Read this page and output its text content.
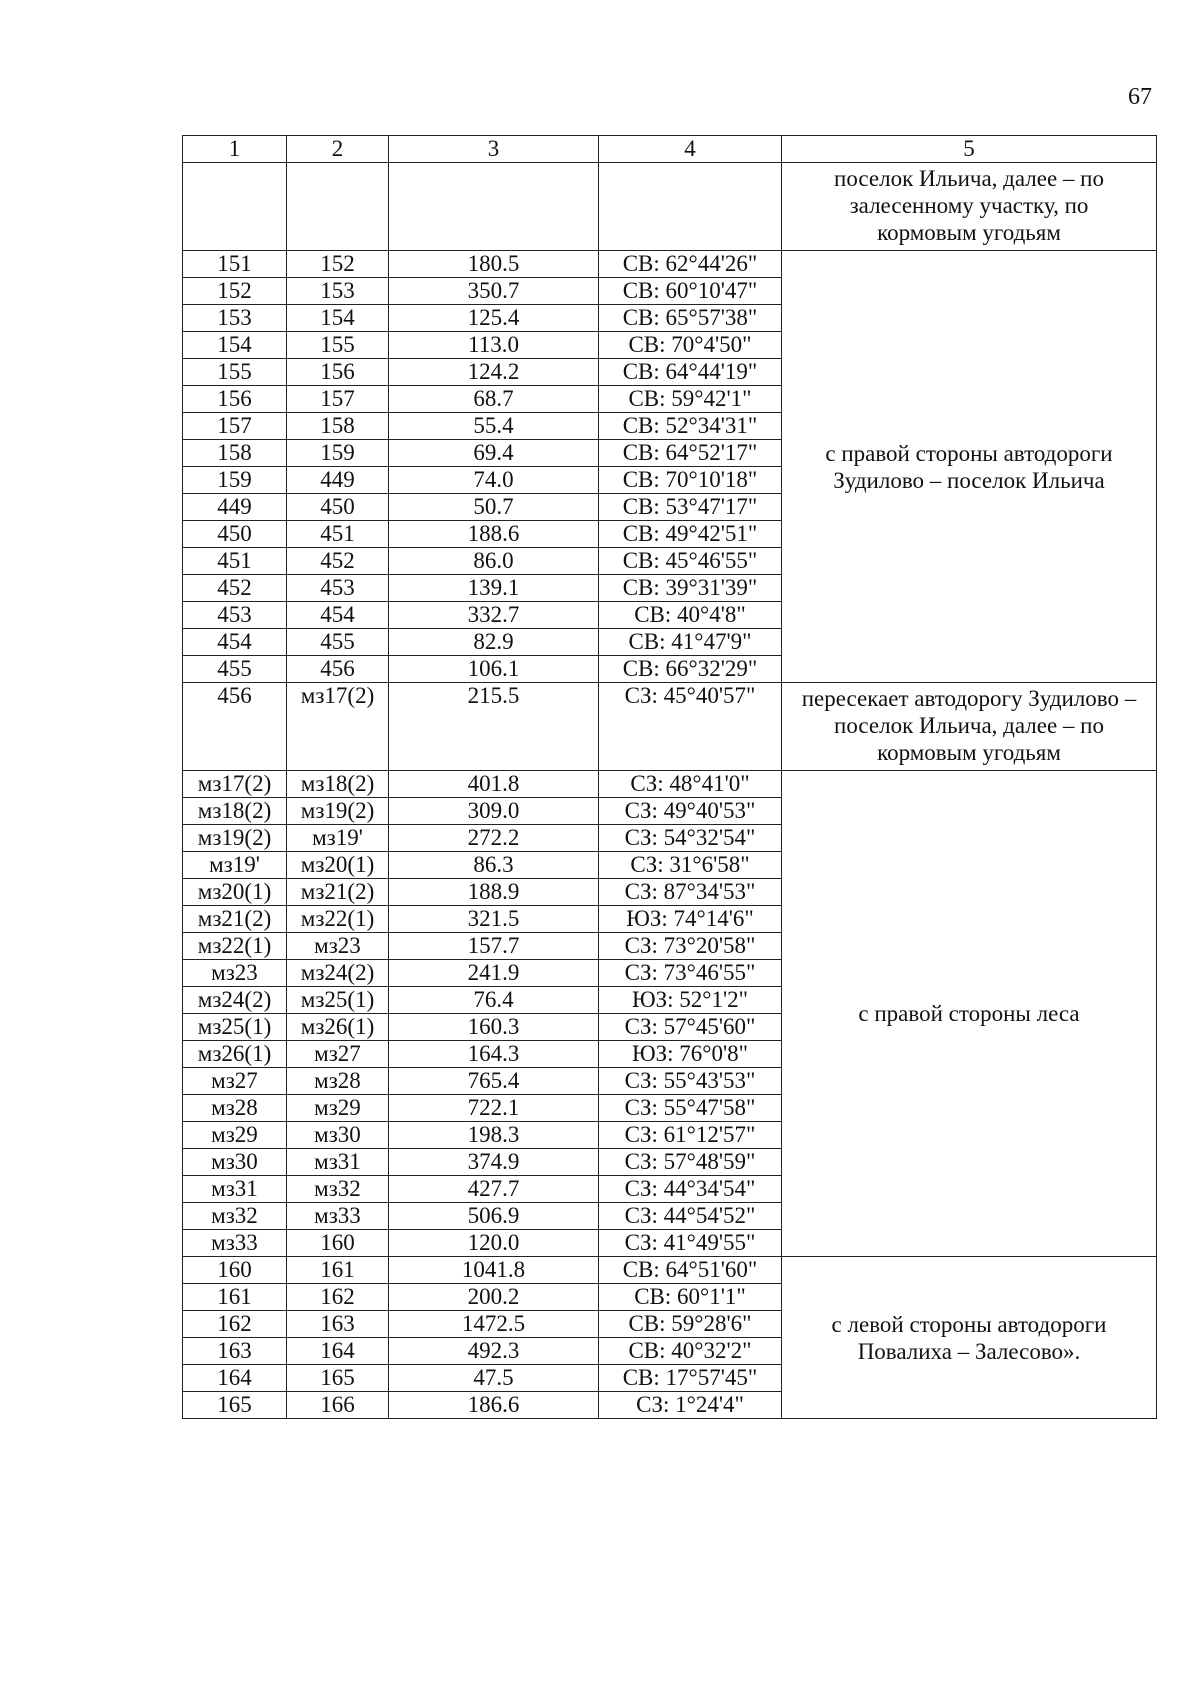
67
1	2	3	4	5

				поселок Ильича, далее – по
залесенному участку, по
кормовым угодьям

151	152	180.5	СВ: 62°44'26"	с правой стороны автодороги
Зудилово – поселок Ильича

152	153	350.7	СВ: 60°10'47"	
153	154	125.4	СВ: 65°57'38"	
154	155	113.0	СВ: 70°4'50"	
155	156	124.2	СВ: 64°44'19"	
156	157	68.7	СВ: 59°42'1"	
157	158	55.4	СВ: 52°34'31"	
158	159	69.4	СВ: 64°52'17"	
159	449	74.0	СВ: 70°10'18"	
449	450	50.7	СВ: 53°47'17"	
450	451	188.6	СВ: 49°42'51"	
451	452	86.0	СВ: 45°46'55"	
452	453	139.1	СВ: 39°31'39"	
453	454	332.7	СВ: 40°4'8"	
454	455	82.9	СВ: 41°47'9"	
455	456	106.1	СВ: 66°32'29"	
456	мз17(2)	215.5	СЗ: 45°40'57"	пересекает автодорогу Зудилово –
поселок Ильича, далее – по
кормовым угодьям

мз17(2)	мз18(2)	401.8	СЗ: 48°41'0"	с правой стороны леса

мз18(2)	мз19(2)	309.0	СЗ: 49°40'53"	
мз19(2)	мз19'	272.2	СЗ: 54°32'54"	
мз19'	мз20(1)	86.3	СЗ: 31°6'58"	
мз20(1)	мз21(2)	188.9	СЗ: 87°34'53"	
мз21(2)	мз22(1)	321.5	ЮЗ: 74°14'6"	
мз22(1)	мз23	157.7	СЗ: 73°20'58"	
мз23	мз24(2)	241.9	СЗ: 73°46'55"	
мз24(2)	мз25(1)	76.4	ЮЗ: 52°1'2"	
мз25(1)	мз26(1)	160.3	СЗ: 57°45'60"	
мз26(1)	мз27	164.3	ЮЗ: 76°0'8"	
мз27	мз28	765.4	СЗ: 55°43'53"	
мз28	мз29	722.1	СЗ: 55°47'58"	
мз29	мз30	198.3	СЗ: 61°12'57"	
мз30	мз31	374.9	СЗ: 57°48'59"	
мз31	мз32	427.7	СЗ: 44°34'54"	
мз32	мз33	506.9	СЗ: 44°54'52"	
мз33	160	120.0	СЗ: 41°49'55"	
160	161	1041.8	СВ: 64°51'60"	с левой стороны автодороги
Повалиха – Залесово».

161	162	200.2	СВ: 60°1'1"	
162	163	1472.5	СВ: 59°28'6"	
163	164	492.3	СВ: 40°32'2"	
164	165	47.5	СВ: 17°57'45"	
165	166	186.6	СЗ: 1°24'4"	
